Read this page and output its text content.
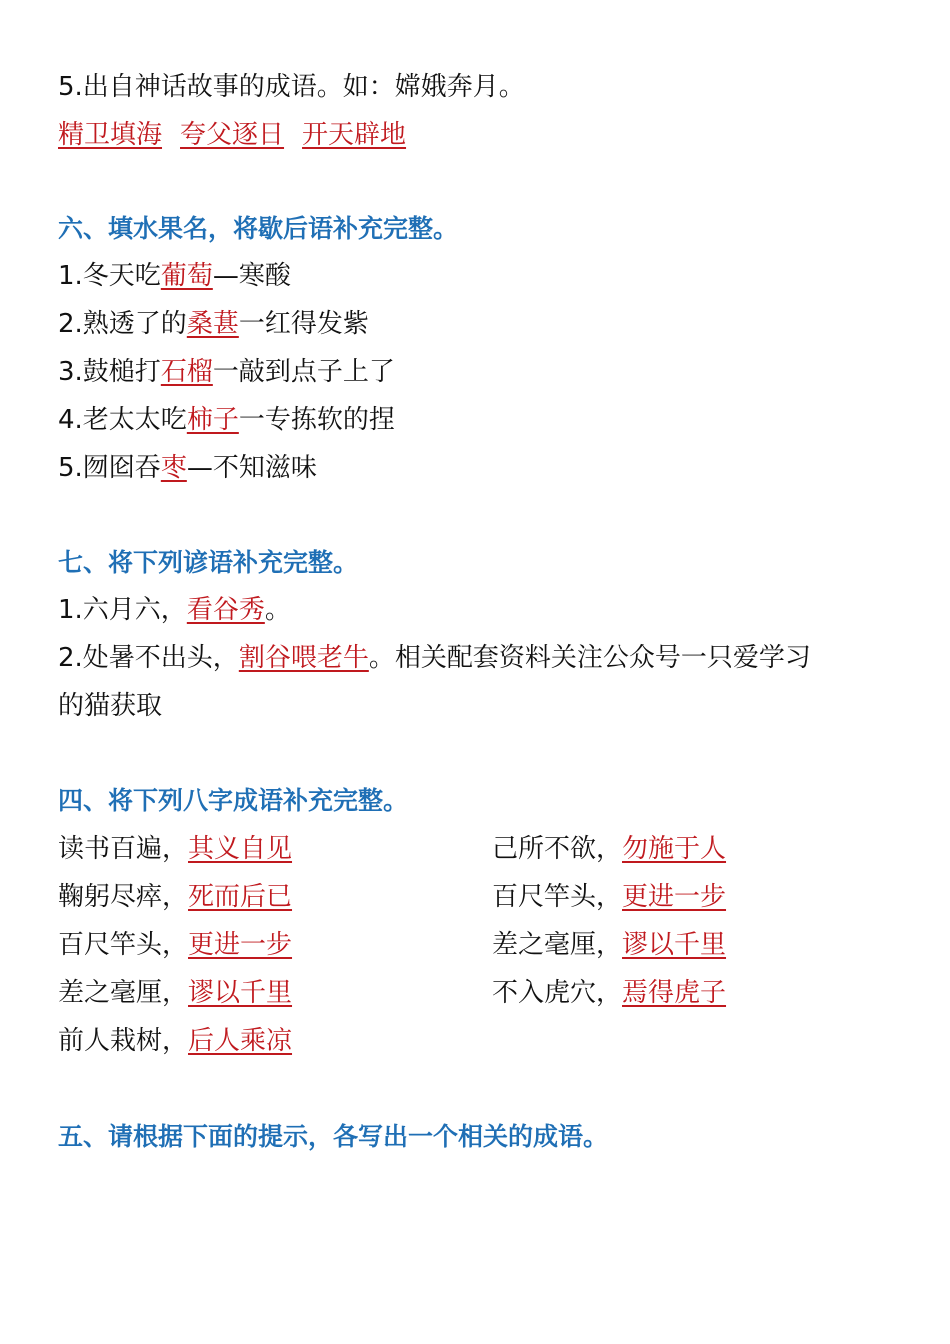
5.出自神话故事的成语。如：嫦娥奔月。
精卫填海 夸父逐日 开天辟地
六、填水果名，将歇后语补充完整。
1.冬天吃葡萄—寒酸
2.熟透了的桑葚一红得发紫
3.鼓槌打石榴一敲到点子上了
4.老太太吃柿子一专拣软的捏
5.囫囵吞枣—不知滋味
七、将下列谚语补充完整。
1.六月六，看谷秀。
2.处暑不出头，割谷喂老牛。相关配套资料关注公众号一只爱学习
的猫获取
四、将下列八字成语补充完整。
读书百遍，其义自见
鞠躬尽瘁，死而后已
百尺竿头，更进一步
差之毫厘，谬以千里
前人栽树，后人乘凉
己所不欲，勿施于人
百尺竿头，更进一步
差之毫厘，谬以千里
不入虎穴，焉得虎子
五、请根据下面的提示，各写出一个相关的成语。
